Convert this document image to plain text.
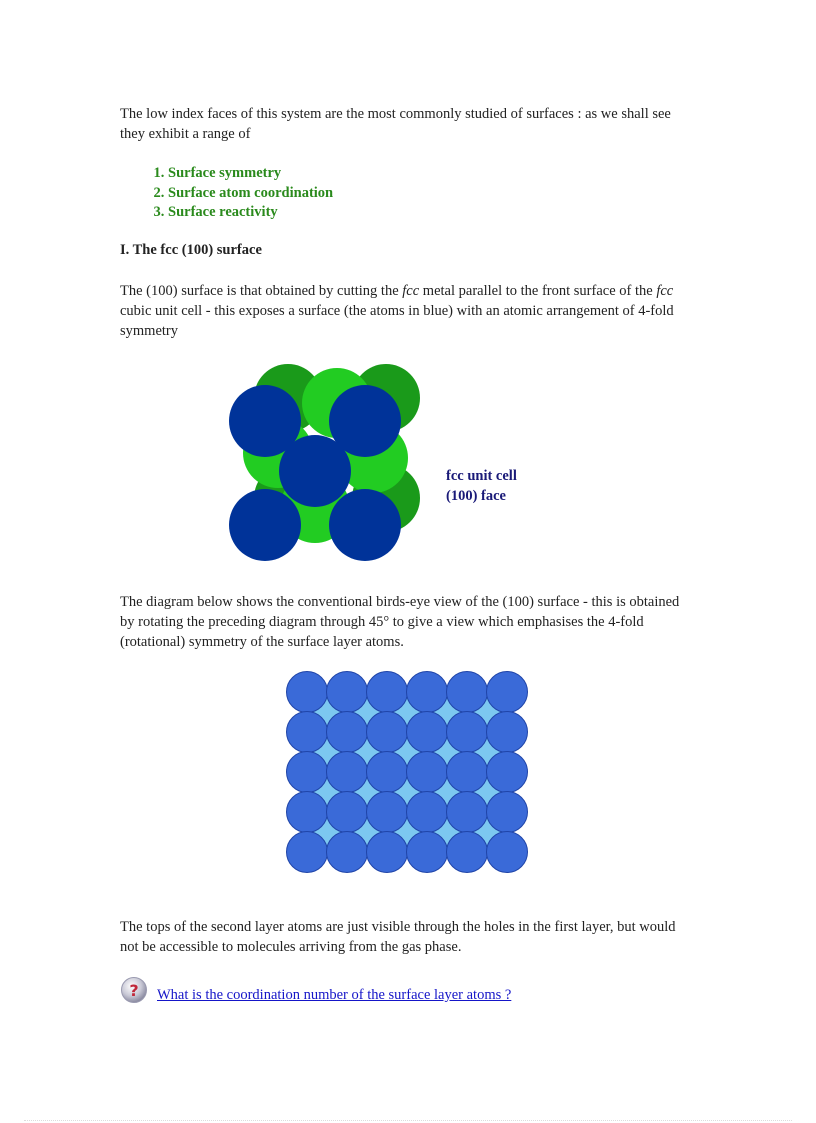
The low index faces of this system are the most commonly studied of surfaces : as we shall see they exhibit a range of

1. Surface symmetry
2. Surface atom coordination
3. Surface reactivity
I. The fcc (100) surface

The (100) surface is that obtained by cutting the fcc metal parallel to the front surface of the fcc cubic unit cell - this exposes a surface (the atoms in blue) with an atomic arrangement of 4-fold symmetry

fcc unit cell
(100) face

The diagram below shows the conventional birds-eye view of the (100) surface - this is obtained by rotating the preceding diagram through 45° to give a view which emphasises the 4-fold (rotational) symmetry of the surface layer atoms.

The tops of the second layer atoms are just visible through the holes in the first layer, but would not be accessible to molecules arriving from the gas phase.

? What is the coordination number of the surface layer atoms ?
